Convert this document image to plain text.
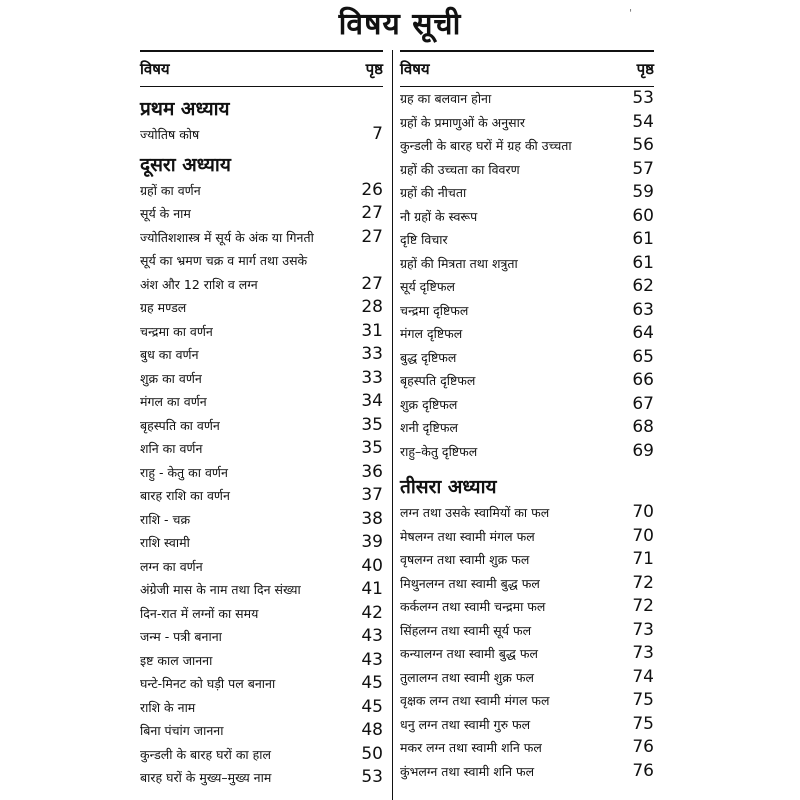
विषय सूची	'
विषय	पृष्ठ
प्रथम अध्याय
ज्योतिष कोष	7
दूसरा अध्याय
ग्रहों का वर्णन	26
सूर्य के नाम	27
ज्योतिशशास्त्र में सूर्य के अंक या गिनती	27
सूर्य का भ्रमण चक्र व मार्ग तथा उसके
अंश और 12 राशि व लग्न	27
ग्रह मण्डल	28
चन्द्रमा का वर्णन	31
बुध का वर्णन	33
शुक्र का वर्णन	33
मंगल का वर्णन	34
बृहस्पति का वर्णन	35
शनि का वर्णन	35
राहु - केतु का वर्णन	36
बारह राशि का वर्णन	37
राशि - चक्र	38
राशि स्वामी	39
लग्न का वर्णन	40
अंग्रेजी मास के नाम तथा दिन संख्या	41
दिन-रात में लग्नों का समय	42
जन्म - पत्री बनाना	43
इष्ट काल जानना	43
घन्टे-मिनट को घड़ी पल बनाना	45
राशि के नाम	45
बिना पंचांग जानना	48
कुन्डली के बारह घरों का हाल	50
बारह घरों के मुख्य–मुख्य नाम	53
विषय	पृष्ठ
ग्रह का बलवान होना	53
ग्रहों के प्रमाणुओं के अनुसार	54
कुन्डली के बारह घरों में ग्रह की उच्चता	56
ग्रहों की उच्चता का विवरण	57
ग्रहों की नीचता	59
नौ ग्रहों के स्वरूप	60
दृष्टि विचार	61
ग्रहों की मित्रता तथा शत्रुता	61
सूर्य दृष्टिफल	62
चन्द्रमा दृष्टिफल	63
मंगल दृष्टिफल	64
बुद्ध दृष्टिफल	65
बृहस्पति दृष्टिफल	66
शुक्र दृष्टिफल	67
शनी दृष्टिफल	68
राहु–केतु दृष्टिफल	69
तीसरा अध्याय
लग्न तथा उसके स्वामियों का फल	70
मेषलग्न तथा स्वामी मंगल फल	70
वृषलग्न तथा स्वामी शुक्र फल	71
मिथुनलग्न तथा स्वामी बुद्ध फल	72
कर्कलग्न तथा स्वामी चन्द्रमा फल	72
सिंहलग्न तथा स्वामी सूर्य फल	73
कन्यालग्न तथा स्वामी बुद्ध फल	73
तुलालग्न तथा स्वामी शुक्र फल	74
वृक्षक लग्न तथा स्वामी मंगल फल	75
धनु लग्न तथा स्वामी गुरु फल	75
मकर लग्न तथा स्वामी शनि फल	76
कुंभलग्न तथा स्वामी शनि फल	76
